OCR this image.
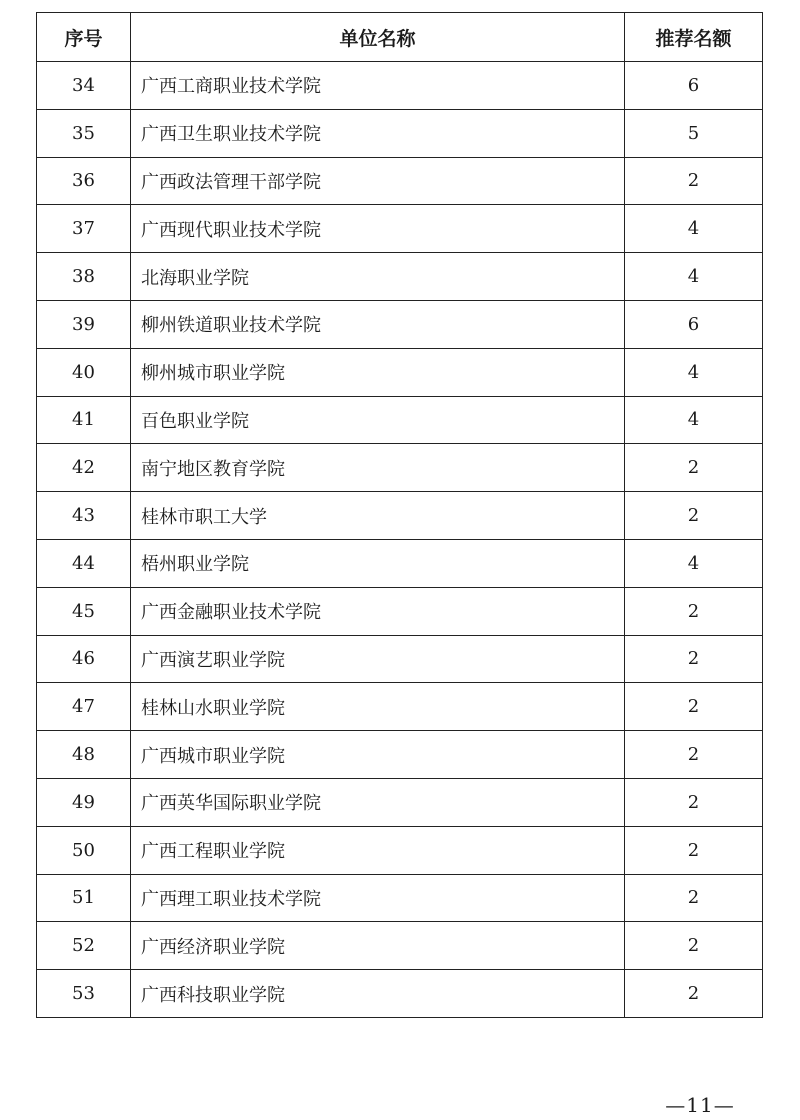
序号	单位名称	推荐名额
34	广西工商职业技术学院	6
35	广西卫生职业技术学院	5
36	广西政法管理干部学院	2
37	广西现代职业技术学院	4
38	北海职业学院	4
39	柳州铁道职业技术学院	6
40	柳州城市职业学院	4
41	百色职业学院	4
42	南宁地区教育学院	2
43	桂林市职工大学	2
44	梧州职业学院	4
45	广西金融职业技术学院	2
46	广西演艺职业学院	2
47	桂林山水职业学院	2
48	广西城市职业学院	2
49	广西英华国际职业学院	2
50	广西工程职业学院	2
51	广西理工职业技术学院	2
52	广西经济职业学院	2
53	广西科技职业学院	2
—11—
